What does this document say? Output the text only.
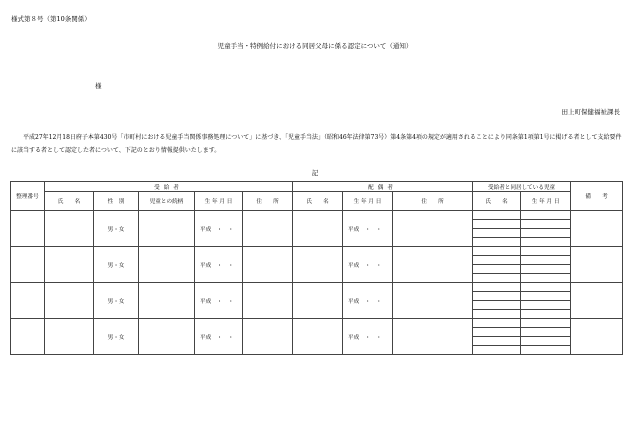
様式第８号（第10条関係）
児童手当・特例給付における同居父母に係る認定について（通知）
様
田上町保健福祉課長
平成27年12月18日府子本第430号「市町村における児童手当関係事務処理について」に基づき、「児童手当法」（昭和46年法律第73号）第4条第4項の規定が適用されることにより同条第1項第1号に掲げる者として支給要件に該当する者として認定した者について、下記のとおり情報提供いたします。
記
整理番号	受給者					配偶者			受給者と同居している児童		備　　考
	氏　　名	性　別	児童との続柄	生 年 月 日	住　　所	氏　　名	生 年 月 日	住　　所	氏　　名	生 年 月 日	
		男・女		平成　・　・			平成　・　・				

		男・女		平成　・　・			平成　・　・				

		男・女		平成　・　・			平成　・　・				

		男・女		平成　・　・			平成　・　・				
